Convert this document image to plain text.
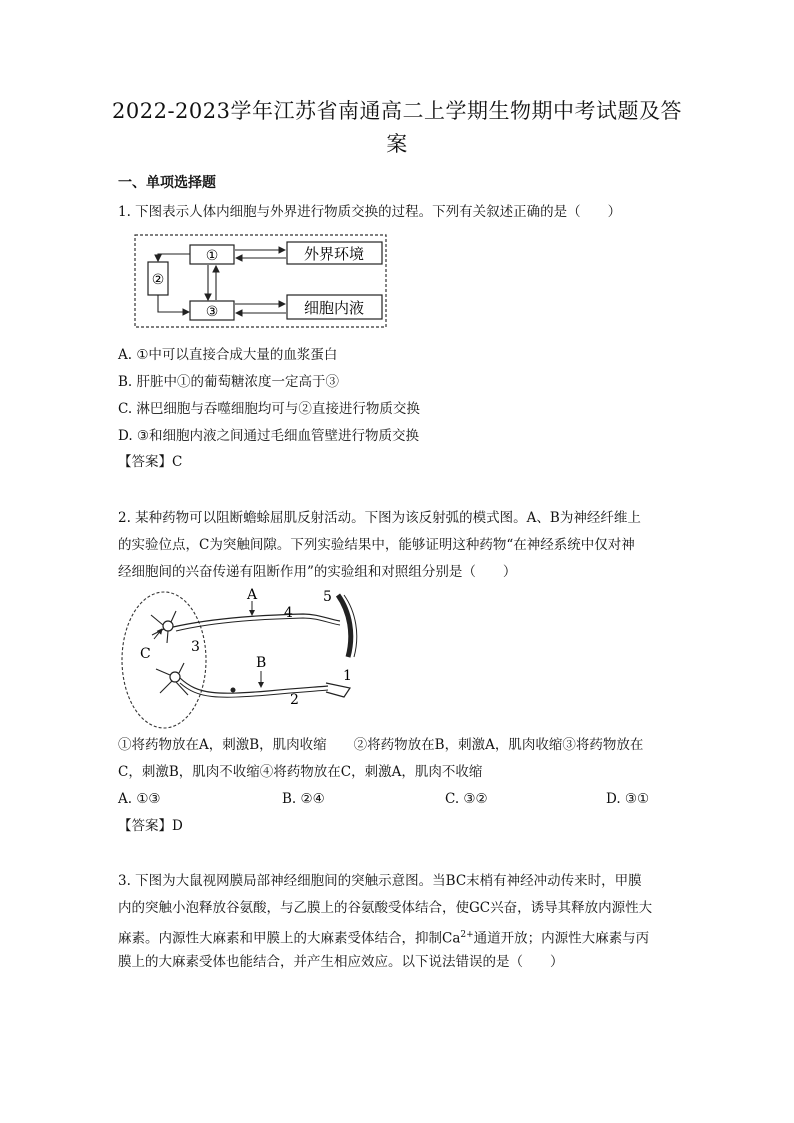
2022-2023学年江苏省南通高二上学期生物期中考试题及答
案
一、单项选择题
1. 下图表示人体内细胞与外界进行物质交换的过程。下列有关叙述正确的是（　　）
①
②
③
外界环境
细胞内液
A. ①中可以直接合成大量的血浆蛋白
B. 肝脏中①的葡萄糖浓度一定高于③
C. 淋巴细胞与吞噬细胞均可与②直接进行物质交换
D. ③和细胞内液之间通过毛细血管壁进行物质交换
【答案】C
2. 某种药物可以阻断蟾蜍屈肌反射活动。下图为该反射弧的模式图。A、B为神经纤维上
的实验位点，C为突触间隙。下列实验结果中，能够证明这种药物“在神经系统中仅对神
经细胞间的兴奋传递有阻断作用”的实验组和对照组分别是（　　）
A
B
C
1
2
3
4
5
①将药物放在A，刺激B，肌肉收缩　　②将药物放在B，刺激A，肌肉收缩③将药物放在
C，刺激B，肌肉不收缩④将药物放在C，刺激A，肌肉不收缩
A. ①③	B. ②④	C. ③②	D. ③①
【答案】D
3. 下图为大鼠视网膜局部神经细胞间的突触示意图。当BC末梢有神经冲动传来时，甲膜
内的突触小泡释放谷氨酸，与乙膜上的谷氨酸受体结合，使GC兴奋，诱导其释放内源性大
麻素。内源性大麻素和甲膜上的大麻素受体结合，抑制$Ca^{2+}$通道开放；内源性大麻素与丙
膜上的大麻素受体也能结合，并产生相应效应。以下说法错误的是（　　）
